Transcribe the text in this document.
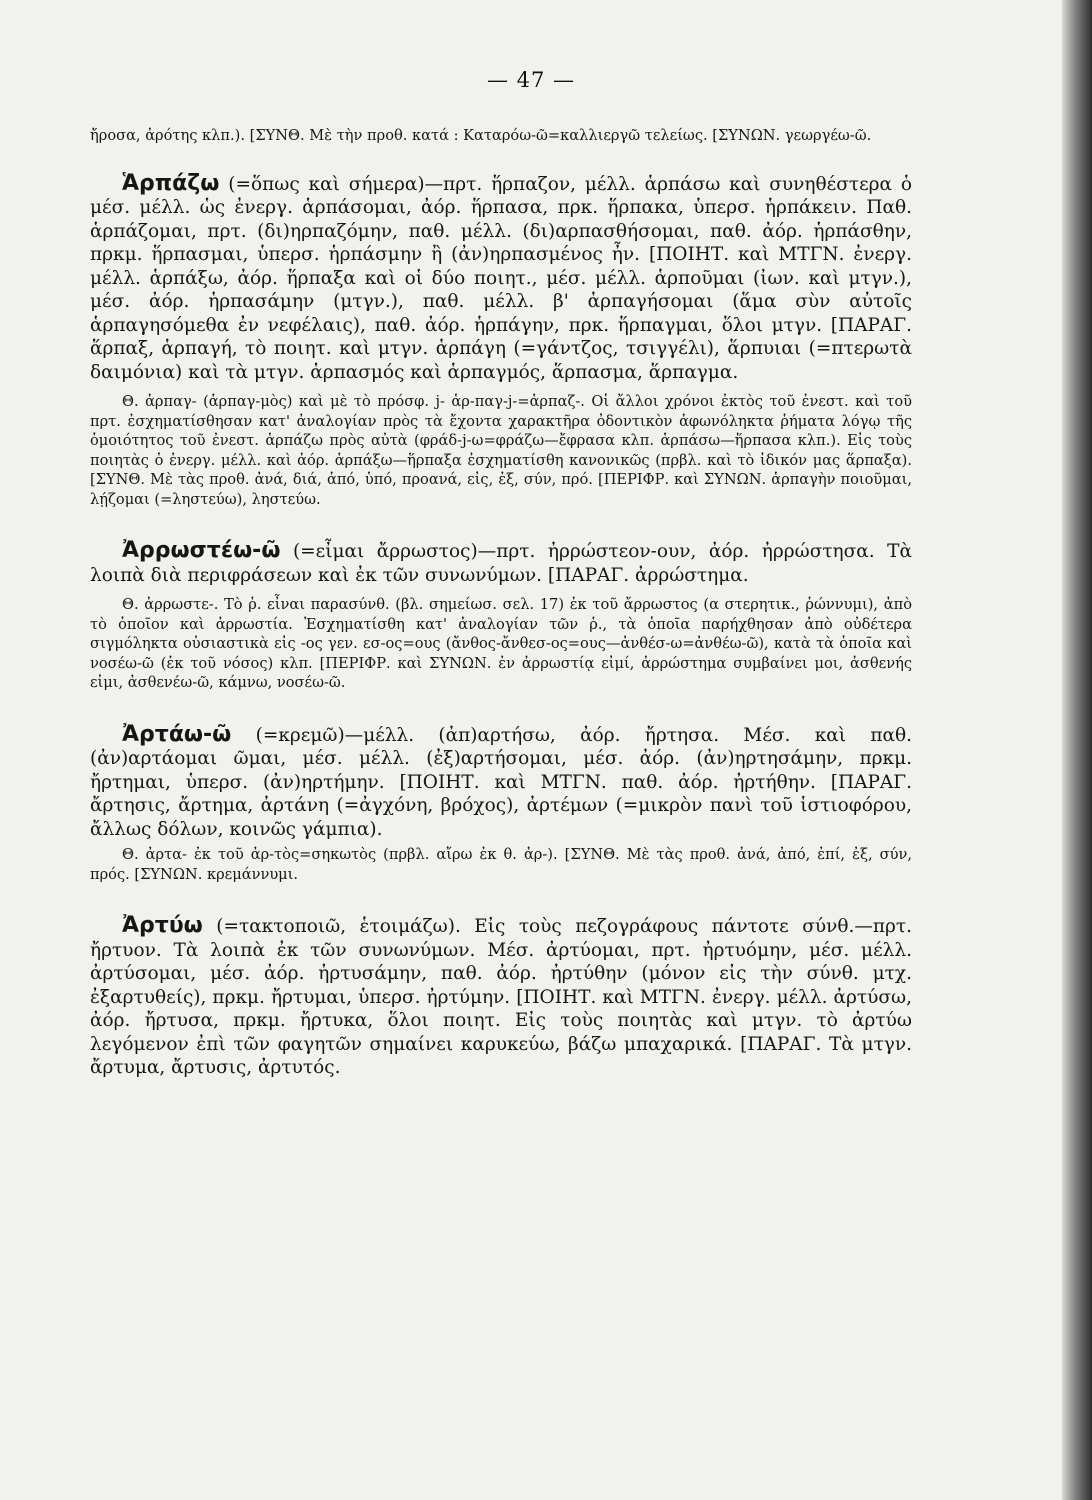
— 47 —

ἤροσα, ἀρότης κλπ.). [ΣΥΝΘ. Μὲ τὴν προθ. κατά : Καταρόω-ῶ=καλλιεργῶ τελείως. [ΣΥΝΩΝ. γεωργέω-ῶ.

Ἁρπάζω (=ὅπως καὶ σήμερα)—πρτ. ἥρπαζον, μέλλ. ἁρπάσω καὶ συνηθέστερα ὁ μέσ. μέλλ. ὡς ἐνεργ. ἁρπάσομαι, ἀόρ. ἥρπασα, πρκ. ἥρπακα, ὑπερσ. ἡρπάκειν. Παθ. ἁρπάζομαι, πρτ. (δι)ηρπαζόμην, παθ. μέλλ. (δι)αρπασθήσομαι, παθ. ἀόρ. ἡρπάσθην, πρκμ. ἥρπασμαι, ὑπερσ. ἡρπάσμην ἢ (ἀν)ηρπασμένος ἦν. [ΠΟΙΗΤ. καὶ ΜΤΓΝ. ἐνεργ. μέλλ. ἁρπάξω, ἀόρ. ἥρπαξα καὶ οἱ δύο ποιητ., μέσ. μέλλ. ἁρποῦμαι (ἰων. καὶ μτγν.), μέσ. ἀόρ. ἡρπασάμην (μτγν.), παθ. μέλλ. β' ἁρπαγήσομαι (ἅμα σὺν αὐτοῖς ἁρπαγησόμεθα ἐν νεφέλαις), παθ. ἀόρ. ἡρπάγην, πρκ. ἥρπαγμαι, ὅλοι μτγν. [ΠΑΡΑΓ. ἅρπαξ, ἁρπαγή, τὸ ποιητ. καὶ μτγν. ἁρπάγη (=γάντζος, τσιγγέλι), ἅρπυιαι (=πτερωτὰ δαιμόνια) καὶ τὰ μτγν. ἁρπασμός καὶ ἁρπαγμός, ἅρπασμα, ἅρπαγμα.

Θ. ἁρπαγ- (ἁρπαγ-μὸς) καὶ μὲ τὸ πρόσφ. j- ἁρ-παγ-j-=ἁρπαζ-. Οἱ ἄλλοι χρόνοι ἐκτὸς τοῦ ἐνεστ. καὶ τοῦ πρτ. ἐσχηματίσθησαν κατ' ἀναλογίαν πρὸς τὰ ἔχοντα χαρακτῆρα ὀδοντικὸν ἀφωνόληκτα ῥήματα λόγῳ τῆς ὁμοιότητος τοῦ ἐνεστ. ἁρπάζω πρὸς αὐτὰ (φράδ-j-ω=φράζω—ἔφρασα κλπ. ἁρπάσω—ἥρπασα κλπ.). Εἰς τοὺς ποιητὰς ὁ ἐνεργ. μέλλ. καὶ ἀόρ. ἁρπάξω—ἥρπαξα ἐσχηματίσθη κανονικῶς (πρβλ. καὶ τὸ ἰδικόν μας ἅρπαξα). [ΣΥΝΘ. Μὲ τὰς προθ. ἀνά, διά, ἀπό, ὑπό, προανά, εἰς, ἐξ, σύν, πρό. [ΠΕΡΙΦΡ. καὶ ΣΥΝΩΝ. ἁρπαγὴν ποιοῦμαι, λῄζομαι (=ληστεύω), ληστεύω.

Ἀρρωστέω-ῶ (=εἶμαι ἄρρωστος)—πρτ. ἠρρώστεον-ουν, ἀόρ. ἠρρώστησα. Τὰ λοιπὰ διὰ περιφράσεων καὶ ἐκ τῶν συνωνύμων. [ΠΑΡΑΓ. ἀρρώστημα.

Θ. ἀρρωστε-. Τὸ ῥ. εἶναι παρασύνθ. (βλ. σημείωσ. σελ. 17) ἐκ τοῦ ἄρρωστος (α στερητικ., ῥώννυμι), ἀπὸ τὸ ὁποῖον καὶ ἀρρωστία. Ἐσχηματίσθη κατ' ἀναλογίαν τῶν ῥ., τὰ ὁποῖα παρήχθησαν ἀπὸ οὐδέτερα σιγμόληκτα οὐσιαστικὰ εἰς -ος γεν. εσ-ος=ους (ἄνθος-ἄνθεσ-ος=ους—ἀνθέσ-ω=ἀνθέω-ῶ), κατὰ τὰ ὁποῖα καὶ νοσέω-ῶ (ἐκ τοῦ νόσος) κλπ. [ΠΕΡΙΦΡ. καὶ ΣΥΝΩΝ. ἐν ἀρρωστίᾳ εἰμί, ἀρρώστημα συμβαίνει μοι, ἀσθενής εἰμι, ἀσθενέω-ῶ, κάμνω, νοσέω-ῶ.

Ἀρτάω-ῶ (=κρεμῶ)—μέλλ. (ἀπ)αρτήσω, ἀόρ. ἤρτησα. Μέσ. καὶ παθ. (ἀν)αρτάομαι ῶμαι, μέσ. μέλλ. (ἐξ)αρτήσομαι, μέσ. ἀόρ. (ἀν)ηρτησάμην, πρκμ. ἤρτημαι, ὑπερσ. (ἀν)ηρτήμην. [ΠΟΙΗΤ. καὶ ΜΤΓΝ. παθ. ἀόρ. ἠρτήθην. [ΠΑΡΑΓ. ἄρτησις, ἄρτημα, ἀρτάνη (=ἀγχόνη, βρόχος), ἀρτέμων (=μικρὸν πανὶ τοῦ ἱστιοφόρου, ἄλλως δόλων, κοινῶς γάμπια).

Θ. ἀρτα- ἐκ τοῦ ἀρ-τὸς=σηκωτὸς (πρβλ. αἴρω ἐκ θ. ἀρ-). [ΣΥΝΘ. Μὲ τὰς προθ. ἀνά, ἀπό, ἐπί, ἐξ, σύν, πρός. [ΣΥΝΩΝ. κρεμάννυμι.

Ἀρτύω (=τακτοποιῶ, ἑτοιμάζω). Εἰς τοὺς πεζογράφους πάντοτε σύνθ.—πρτ. ἤρτυον. Τὰ λοιπὰ ἐκ τῶν συνωνύμων. Μέσ. ἀρτύομαι, πρτ. ἠρτυόμην, μέσ. μέλλ. ἀρτύσομαι, μέσ. ἀόρ. ἠρτυσάμην, παθ. ἀόρ. ἠρτύθην (μόνον εἰς τὴν σύνθ. μτχ. ἐξαρτυθείς), πρκμ. ἤρτυμαι, ὑπερσ. ἠρτύμην. [ΠΟΙΗΤ. καὶ ΜΤΓΝ. ἐνεργ. μέλλ. ἀρτύσω, ἀόρ. ἤρτυσα, πρκμ. ἤρτυκα, ὅλοι ποιητ. Εἰς τοὺς ποιητὰς καὶ μτγν. τὸ ἀρτύω λεγόμενον ἐπὶ τῶν φαγητῶν σημαίνει καρυκεύω, βάζω μπαχαρικά. [ΠΑΡΑΓ. Τὰ μτγν. ἄρτυμα, ἄρτυσις, ἀρτυτός.
